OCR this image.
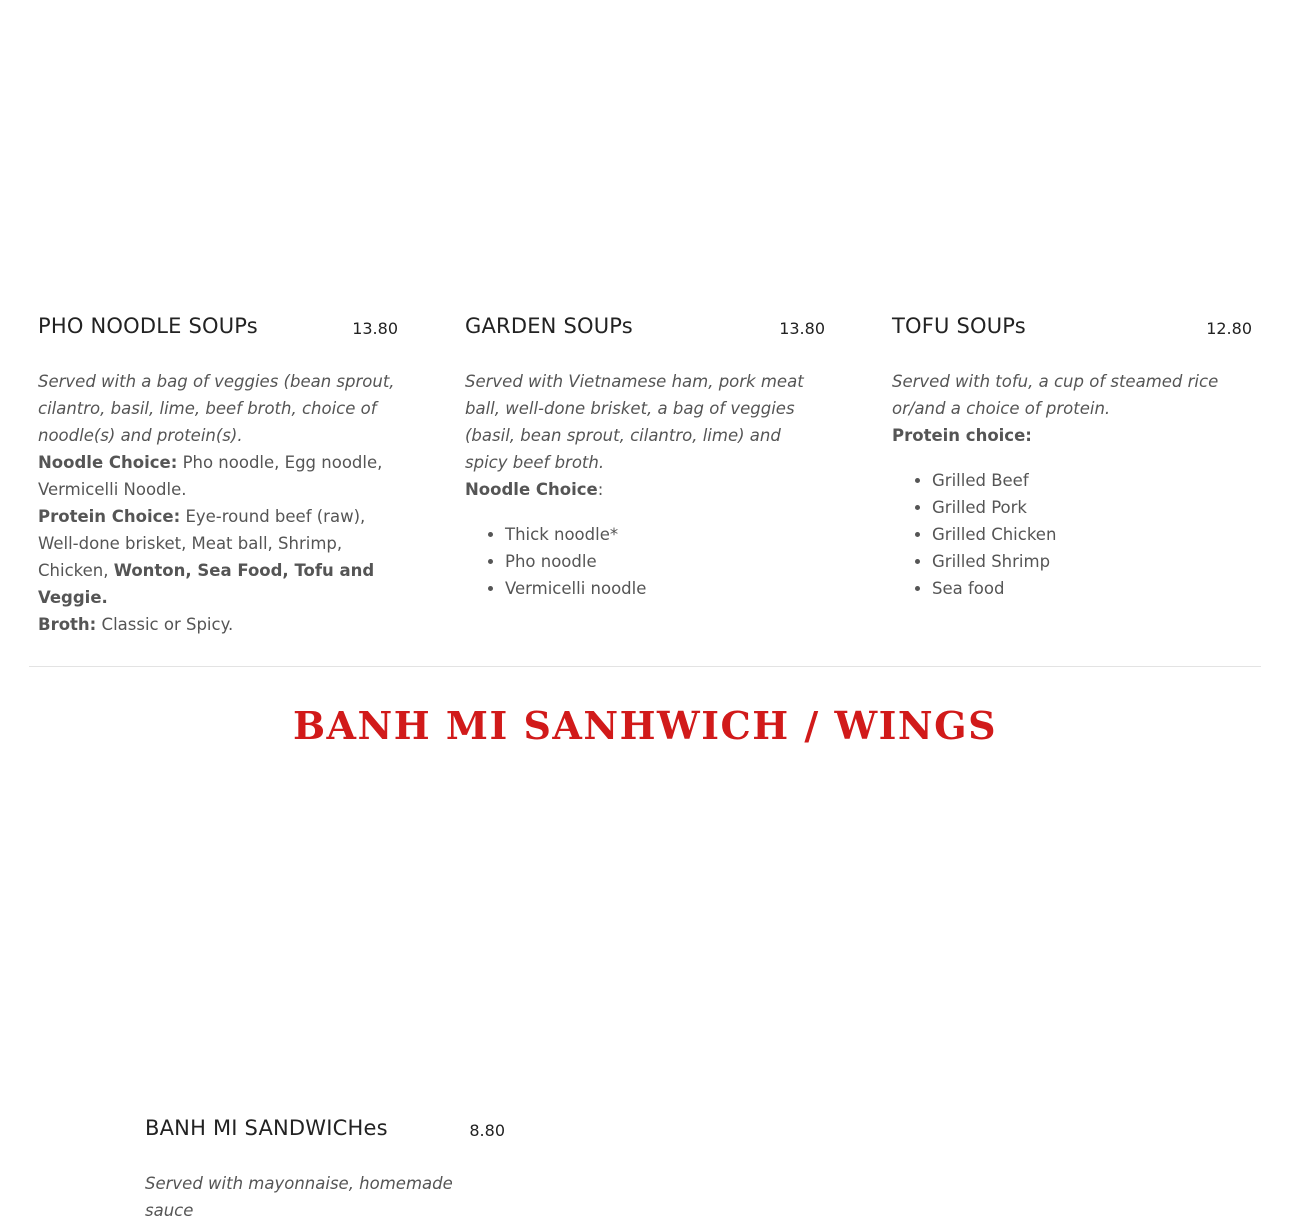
PHO NOODLE SOUPs	13.80
Served with a bag of veggies (bean sprout, cilantro, basil, lime, beef broth, choice of noodle(s) and protein(s).
Noodle Choice: Pho noodle, Egg noodle, Vermicelli Noodle.
Protein Choice: Eye-round beef (raw), Well-done brisket, Meat ball, Shrimp, Chicken, Wonton, Sea Food, Tofu and Veggie.
Broth: Classic or Spicy.
GARDEN SOUPs	13.80
Served with Vietnamese ham, pork meat ball, well-done brisket, a bag of veggies (basil, bean sprout, cilantro, lime) and spicy beef broth.
Noodle Choice:
• Thick noodle*
• Pho noodle
• Vermicelli noodle
TOFU SOUPs	12.80
Served with tofu, a cup of steamed rice or/and a choice of protein.
Protein choice:
• Grilled Beef
• Grilled Pork
• Grilled Chicken
• Grilled Shrimp
• Sea food
BANH MI SANHWICH / WINGS
BANH MI SANDWICHes	8.80
Served with mayonnaise, homemade sauce
